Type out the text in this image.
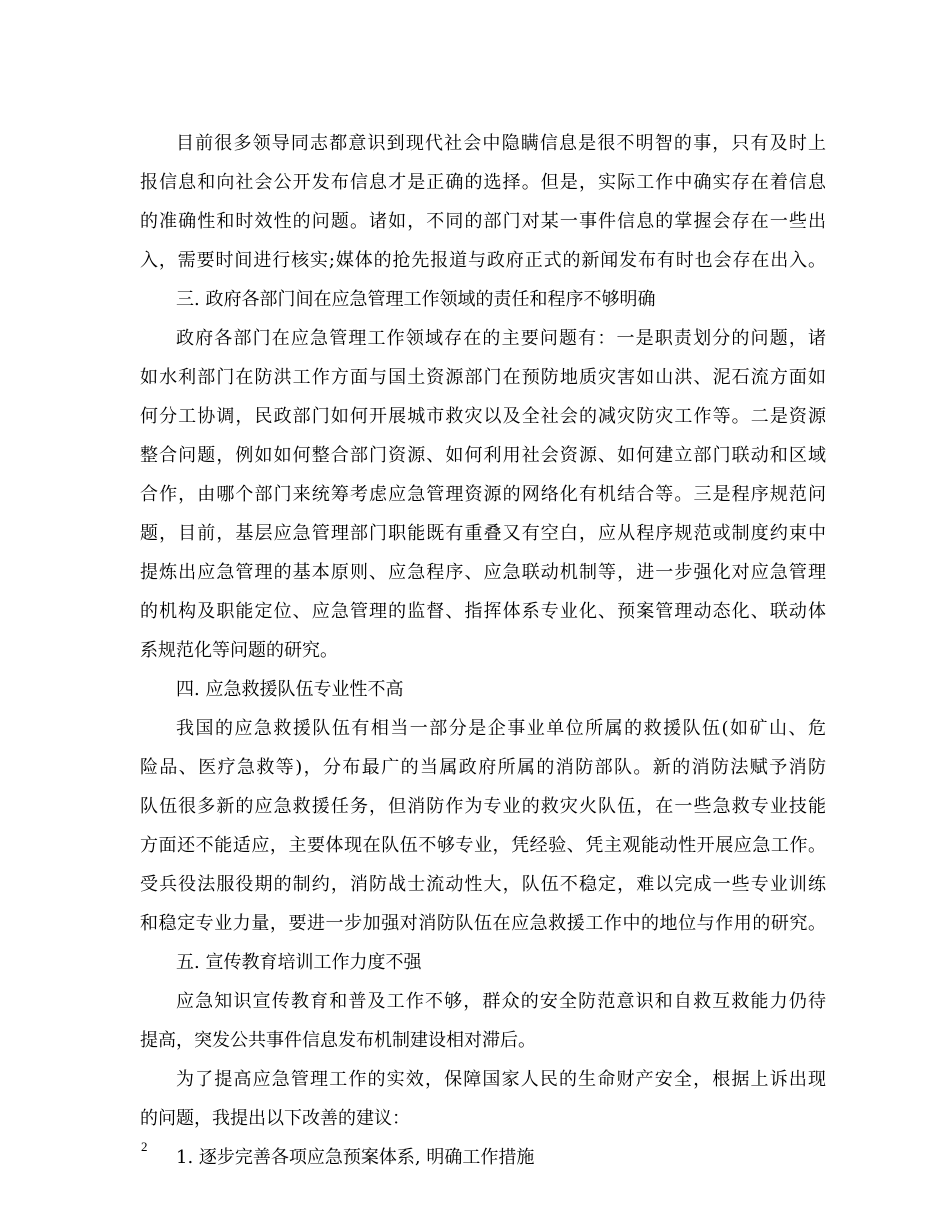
目前很多领导同志都意识到现代社会中隐瞒信息是很不明智的事，只有及时上
报信息和向社会公开发布信息才是正确的选择。但是，实际工作中确实存在着信息
的准确性和时效性的问题。诸如，不同的部门对某一事件信息的掌握会存在一些出
入，需要时间进行核实;媒体的抢先报道与政府正式的新闻发布有时也会存在出入。
三. 政府各部门间在应急管理工作领域的责任和程序不够明确
政府各部门在应急管理工作领域存在的主要问题有：一是职责划分的问题，诸
如水利部门在防洪工作方面与国土资源部门在预防地质灾害如山洪、泥石流方面如
何分工协调，民政部门如何开展城市救灾以及全社会的减灾防灾工作等。二是资源
整合问题，例如如何整合部门资源、如何利用社会资源、如何建立部门联动和区域
合作，由哪个部门来统筹考虑应急管理资源的网络化有机结合等。三是程序规范问
题，目前，基层应急管理部门职能既有重叠又有空白，应从程序规范或制度约束中
提炼出应急管理的基本原则、应急程序、应急联动机制等，进一步强化对应急管理
的机构及职能定位、应急管理的监督、指挥体系专业化、预案管理动态化、联动体
系规范化等问题的研究。
四. 应急救援队伍专业性不高
我国的应急救援队伍有相当一部分是企事业单位所属的救援队伍(如矿山、危
险品、医疗急救等)，分布最广的当属政府所属的消防部队。新的消防法赋予消防
队伍很多新的应急救援任务，但消防作为专业的救灾火队伍，在一些急救专业技能
方面还不能适应，主要体现在队伍不够专业，凭经验、凭主观能动性开展应急工作。
受兵役法服役期的制约，消防战士流动性大，队伍不稳定，难以完成一些专业训练
和稳定专业力量，要进一步加强对消防队伍在应急救援工作中的地位与作用的研究。
五. 宣传教育培训工作力度不强
应急知识宣传教育和普及工作不够，群众的安全防范意识和自救互救能力仍待
提高，突发公共事件信息发布机制建设相对滞后。
为了提高应急管理工作的实效，保障国家人民的生命财产安全，根据上诉出现
的问题，我提出以下改善的建议：
1. 逐步完善各项应急预案体系, 明确工作措施
2
